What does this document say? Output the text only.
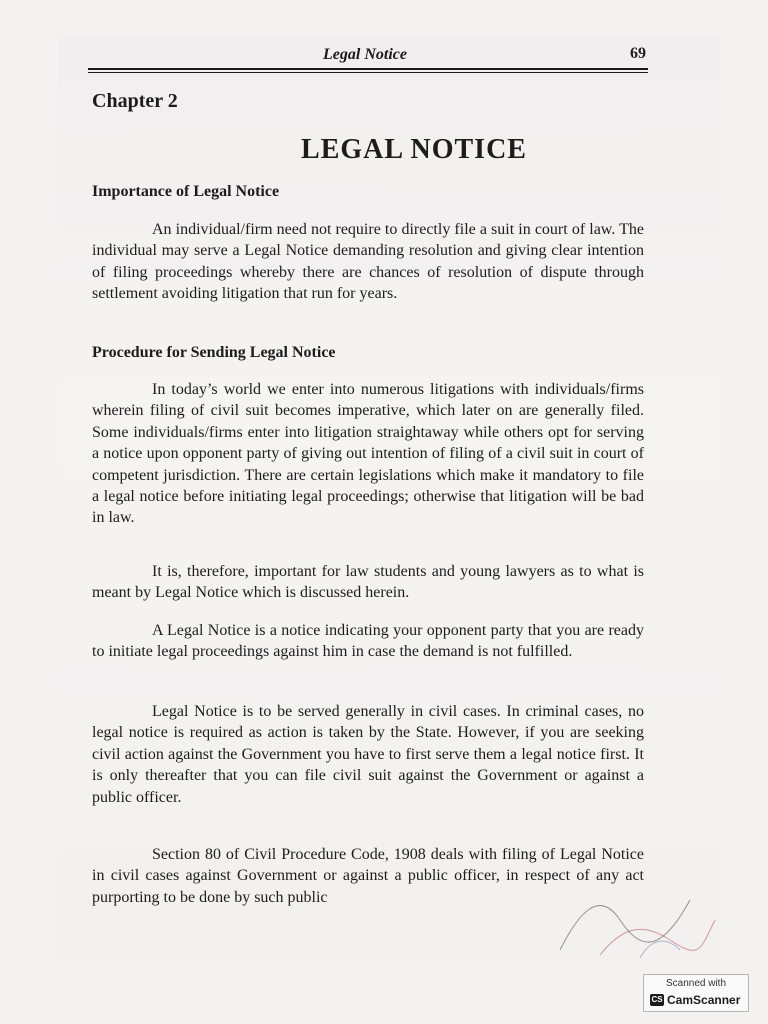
Legal Notice	69
Chapter 2
LEGAL NOTICE
Importance of Legal Notice

An individual/firm need not require to directly file a suit in court of law. The individual may serve a Legal Notice demanding resolution and giving clear intention of filing proceedings whereby there are chances of resolution of dispute through settlement avoiding litigation that run for years.

Procedure for Sending Legal Notice

In today’s world we enter into numerous litigations with individuals/firms wherein filing of civil suit becomes imperative, which later on are generally filed. Some individuals/firms enter into litigation straightaway while others opt for serving a notice upon opponent party of giving out intention of filing of a civil suit in court of competent jurisdiction. There are certain legislations which make it mandatory to file a legal notice before initiating legal proceedings; otherwise that litigation will be bad in law.

It is, therefore, important for law students and young lawyers as to what is meant by Legal Notice which is discussed herein.

A Legal Notice is a notice indicating your opponent party that you are ready to initiate legal proceedings against him in case the demand is not fulfilled.

Legal Notice is to be served generally in civil cases. In criminal cases, no legal notice is required as action is taken by the State. However, if you are seeking civil action against the Government you have to first serve them a legal notice first. It is only thereafter that you can file civil suit against the Government or against a public officer.

Section 80 of Civil Procedure Code, 1908 deals with filing of Legal Notice in civil cases against Government or against a public officer, in respect of any act purporting to be done by such public

Scanned with
CS CamScanner
